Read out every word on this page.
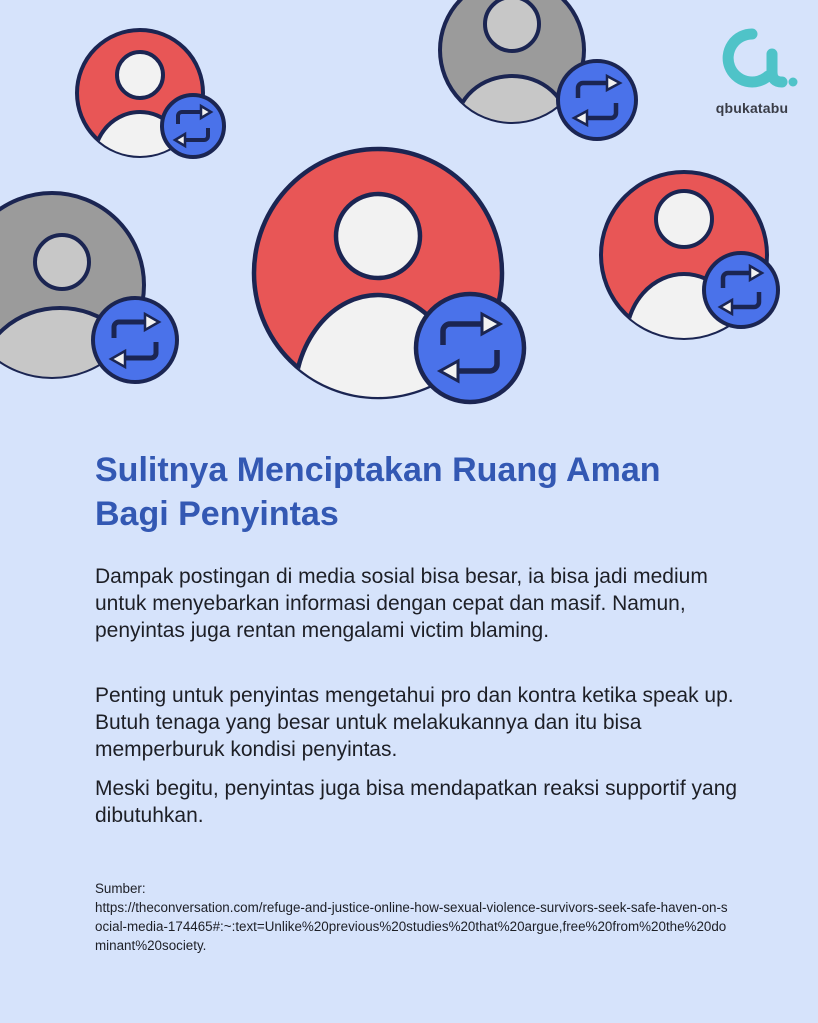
qbukatabu
Sulitnya Menciptakan Ruang Aman
Bagi Penyintas

Dampak postingan di media sosial bisa besar, ia bisa jadi medium untuk menyebarkan informasi dengan cepat dan masif. Namun, penyintas juga rentan mengalami victim blaming.

Penting untuk penyintas mengetahui pro dan kontra ketika speak up. Butuh tenaga yang besar untuk melakukannya dan itu bisa memperburuk kondisi penyintas.

Meski begitu, penyintas juga bisa mendapatkan reaksi supportif yang dibutuhkan.

Sumber:
https://theconversation.com/refuge-and-justice-online-how-sexual-violence-survivors-seek-safe-haven-on-social-media-174465#:~:text=Unlike%20previous%20studies%20that%20argue,free%20from%20the%20dominant%20society.
